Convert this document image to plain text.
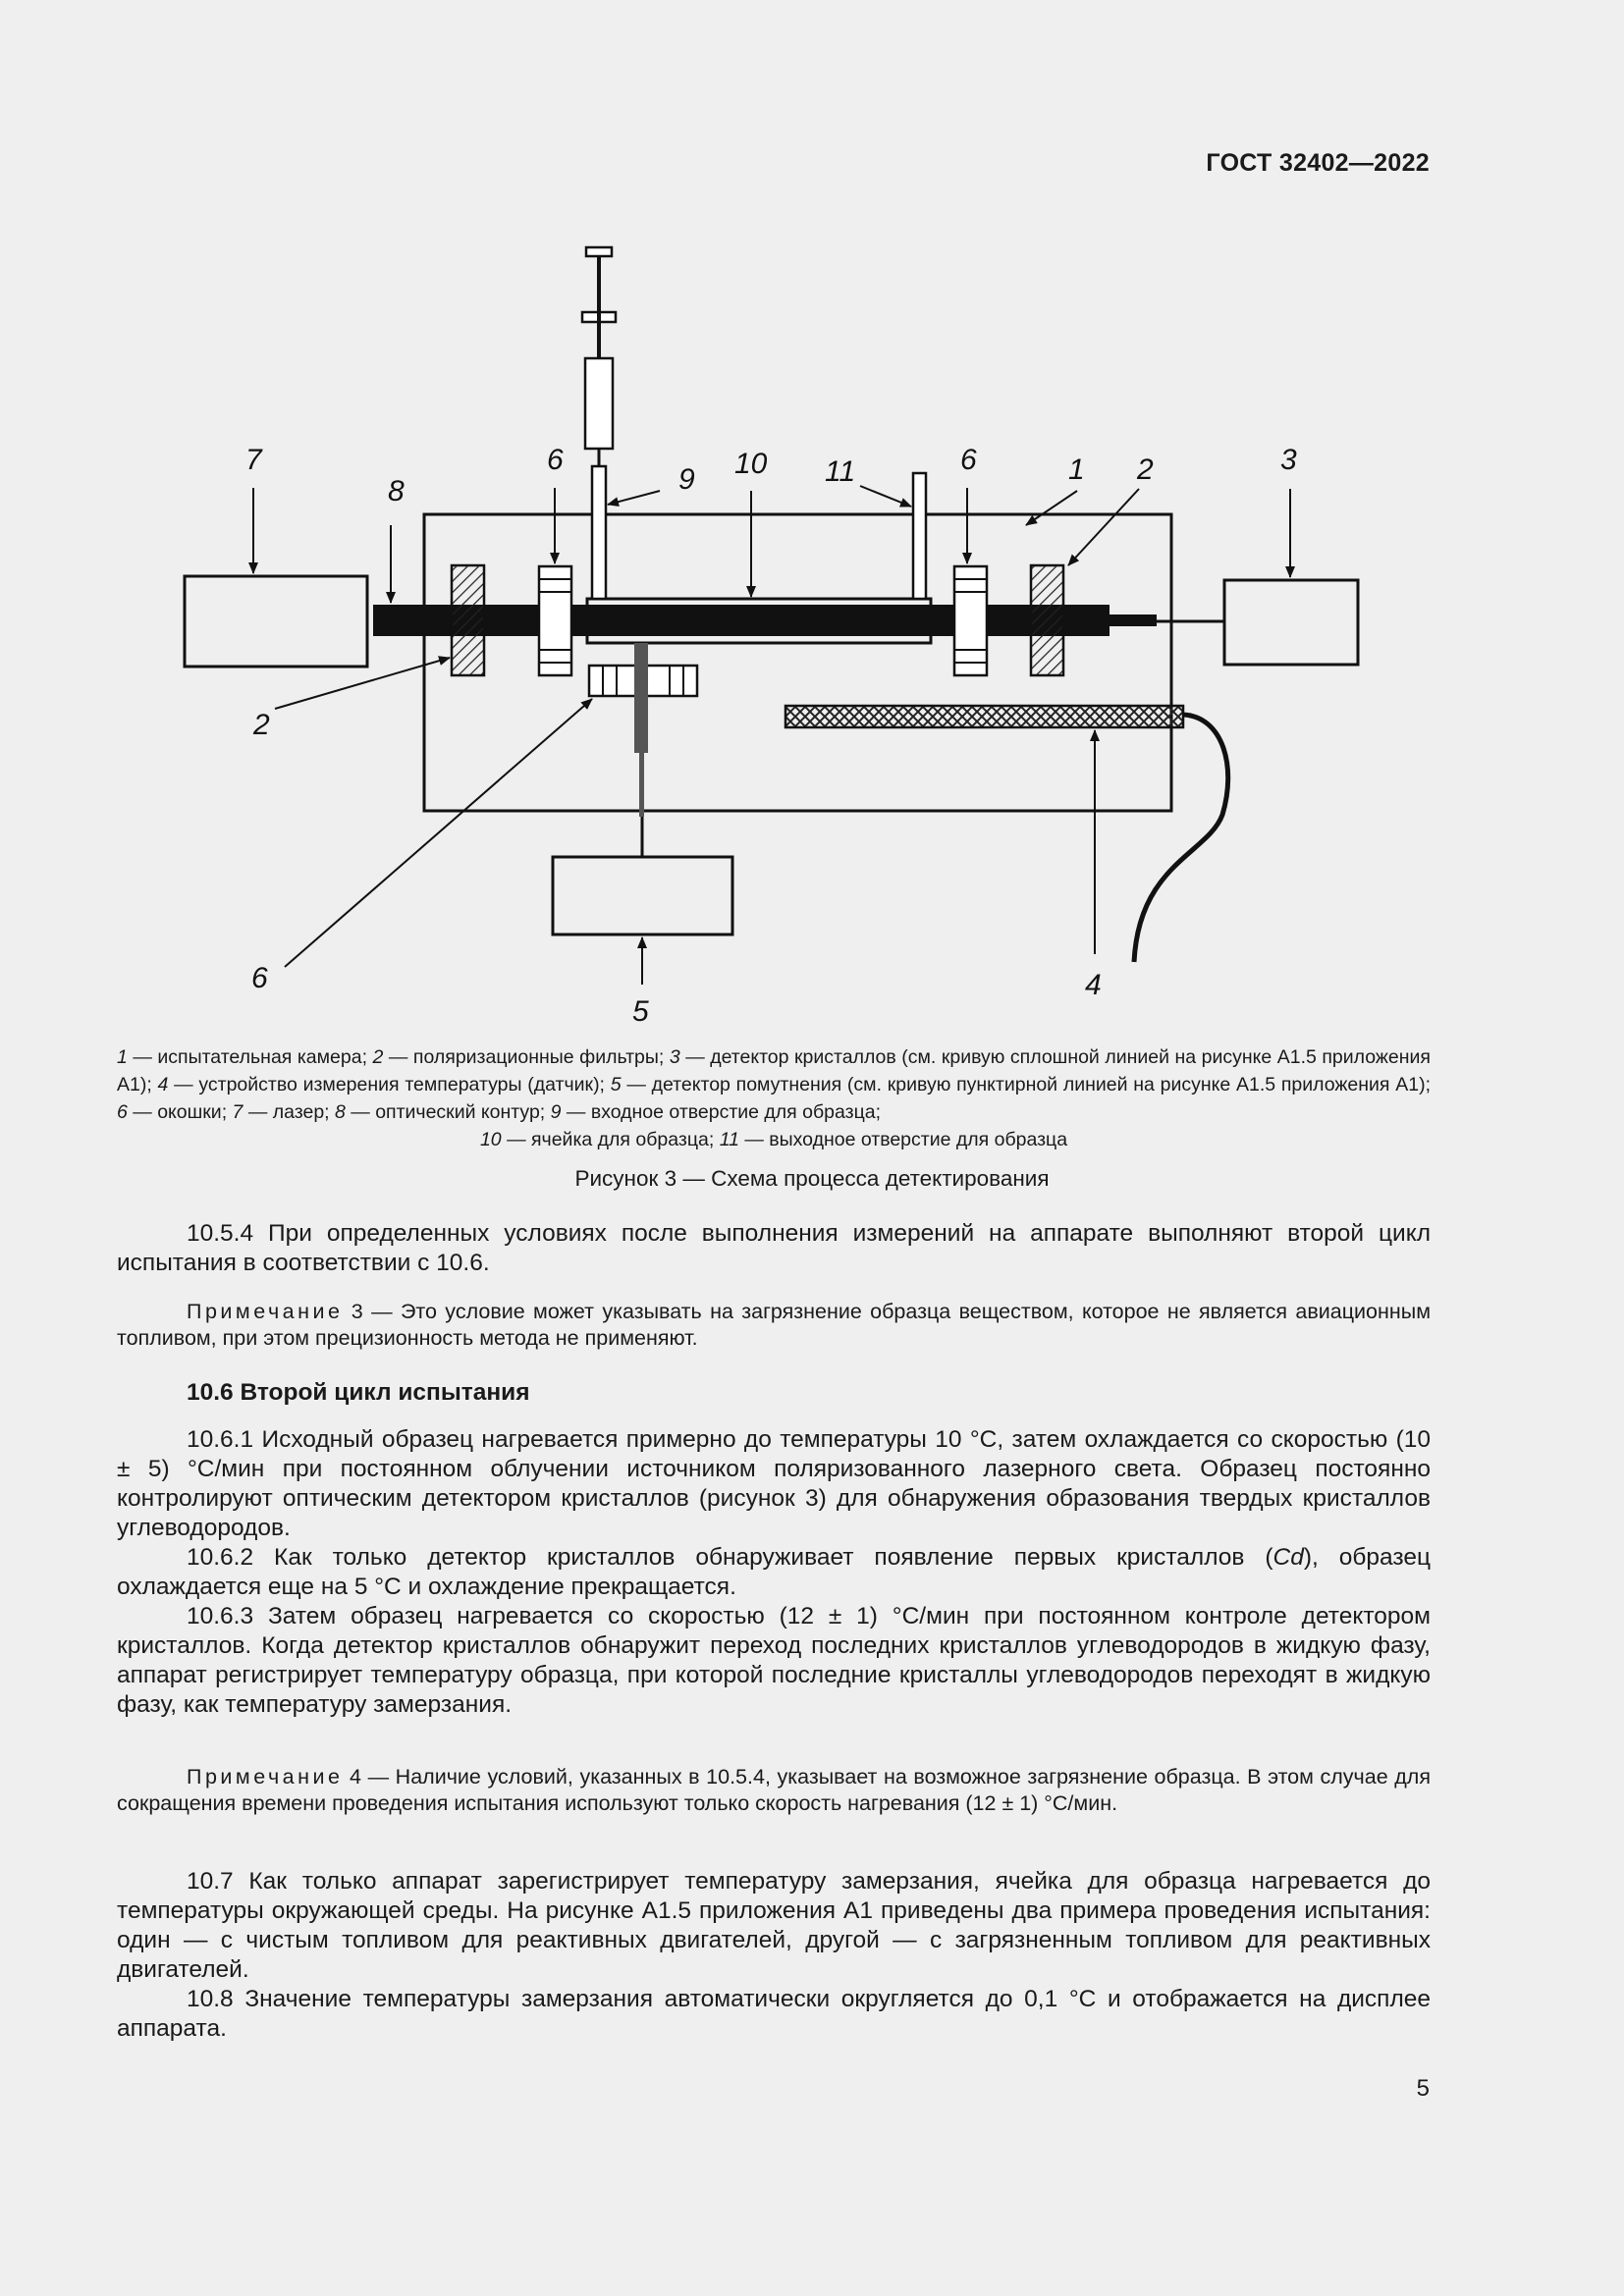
ГОСТ 32402—2022
1 2
2
3
4
5
6	6
6
7
8	9 10 11
1 — испытательная камера; 2 — поляризационные фильтры; 3 — детектор кристаллов (см. кривую сплошной линией на рисунке А1.5 приложения А1); 4 — устройство измерения температуры (датчик); 5 — детектор помутнения (см. кривую пунктирной линией на рисунке А1.5 приложения А1); 6 — окошки; 7 — лазер; 8 — оптический контур; 9 — входное отверстие для образца;
10 — ячейка для образца; 11 — выходное отверстие для образца
Рисунок 3 — Схема процесса детектирования

10.5.4 При определенных условиях после выполнения измерений на аппарате выполняют второй цикл испытания в соответствии с 10.6.

Примечание 3 — Это условие может указывать на загрязнение образца веществом, которое не является авиационным топливом, при этом прецизионность метода не применяют.

10.6 Второй цикл испытания

10.6.1 Исходный образец нагревается примерно до температуры 10 °С, затем охлаждается со скоростью (10 ± 5) °С/мин при постоянном облучении источником поляризованного лазерного света. Образец постоянно контролируют оптическим детектором кристаллов (рисунок 3) для обнаружения образования твердых кристаллов углеводородов.

10.6.2 Как только детектор кристаллов обнаруживает появление первых кристаллов (Cd), образец охлаждается еще на 5 °С и охлаждение прекращается.

10.6.3 Затем образец нагревается со скоростью (12 ± 1) °С/мин при постоянном контроле детектором кристаллов. Когда детектор кристаллов обнаружит переход последних кристаллов углеводородов в жидкую фазу, аппарат регистрирует температуру образца, при которой последние кристаллы углеводородов переходят в жидкую фазу, как температуру замерзания.

Примечание 4 — Наличие условий, указанных в 10.5.4, указывает на возможное загрязнение образца. В этом случае для сокращения времени проведения испытания используют только скорость нагревания (12 ± 1) °С/мин.

10.7 Как только аппарат зарегистрирует температуру замерзания, ячейка для образца нагревается до температуры окружающей среды. На рисунке А1.5 приложения А1 приведены два примера проведения испытания: один — с чистым топливом для реактивных двигателей, другой — с загрязненным топливом для реактивных двигателей.

10.8 Значение температуры замерзания автоматически округляется до 0,1 °С и отображается на дисплее аппарата.

5
